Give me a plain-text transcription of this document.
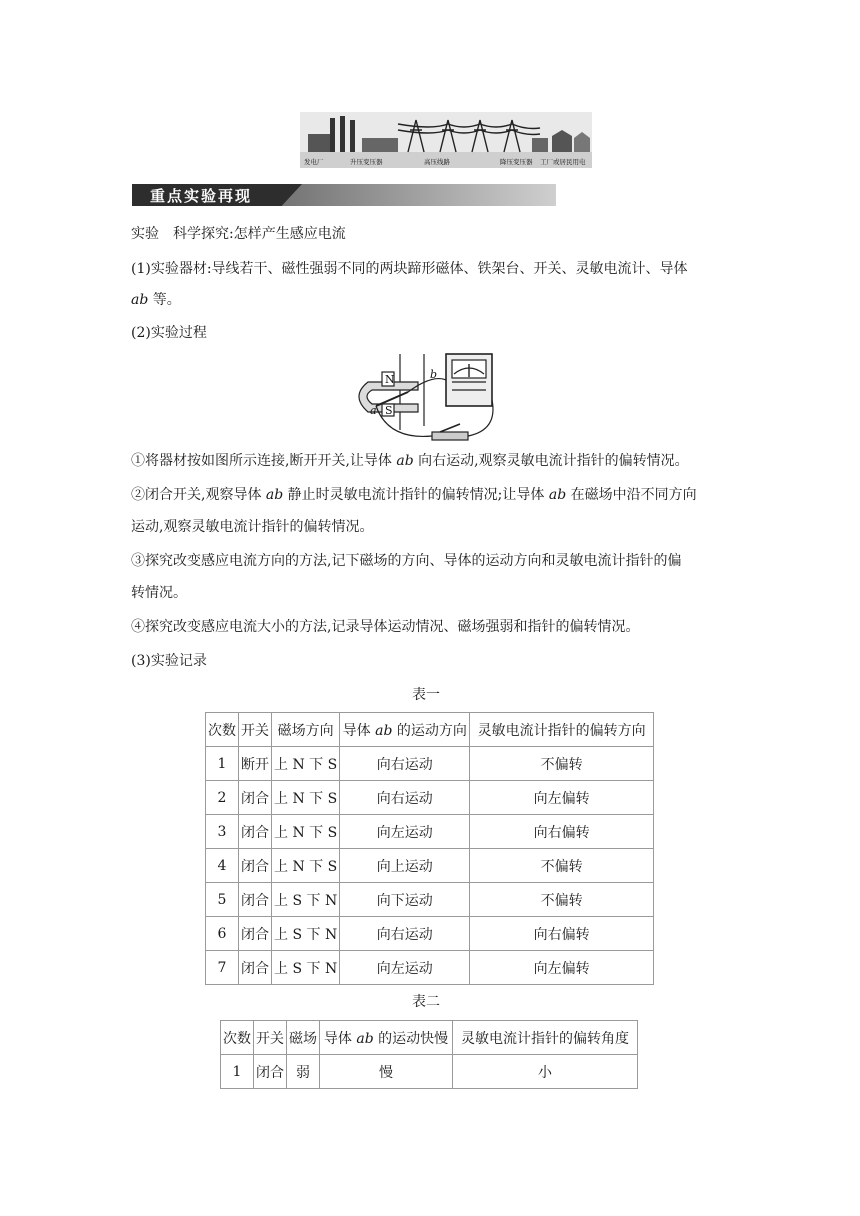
发电厂	升压变压器	高压线路	降压变压器 工厂或居民用电
重点实验再现
实验　科学探究:怎样产生感应电流
(1)实验器材:导线若干、磁性强弱不同的两块蹄形磁体、铁架台、开关、灵敏电流计、导体
ab 等。
(2)实验过程
N
S
a
b
①将器材按如图所示连接,断开开关,让导体 ab 向右运动,观察灵敏电流计指针的偏转情况。
②闭合开关,观察导体 ab 静止时灵敏电流计指针的偏转情况;让导体 ab 在磁场中沿不同方向
运动,观察灵敏电流计指针的偏转情况。
③探究改变感应电流方向的方法,记下磁场的方向、导体的运动方向和灵敏电流计指针的偏
转情况。
④探究改变感应电流大小的方法,记录导体运动情况、磁场强弱和指针的偏转情况。
(3)实验记录
表一
次数	开关	磁场方向	导体 ab 的运动方向	灵敏电流计指针的偏转方向
1	断开	上 N 下 S	向右运动	不偏转
2	闭合	上 N 下 S	向右运动	向左偏转
3	闭合	上 N 下 S	向左运动	向右偏转
4	闭合	上 N 下 S	向上运动	不偏转
5	闭合	上 S 下 N	向下运动	不偏转
6	闭合	上 S 下 N	向右运动	向右偏转
7	闭合	上 S 下 N	向左运动	向左偏转
表二
次数	开关	磁场	导体 ab 的运动快慢	灵敏电流计指针的偏转角度
1	闭合	弱	慢	小
